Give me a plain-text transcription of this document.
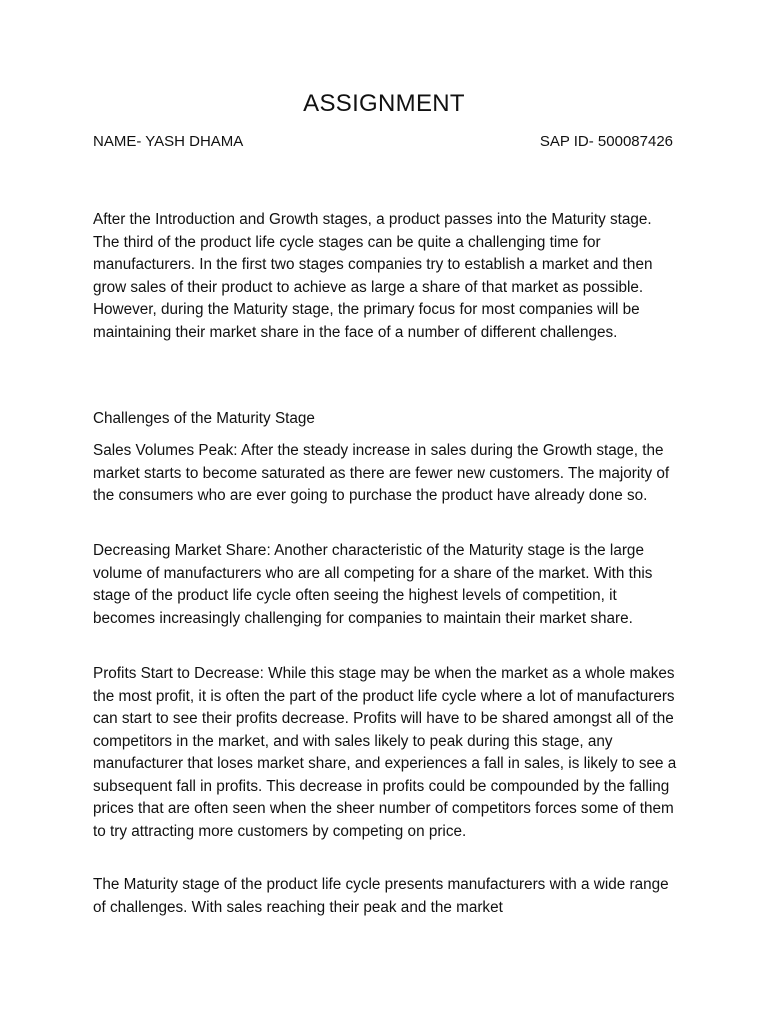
ASSIGNMENT
NAME- YASH DHAMA	SAP ID- 500087426

After the Introduction and Growth stages, a product passes into the Maturity stage. The third of the product life cycle stages can be quite a challenging time for manufacturers. In the first two stages companies try to establish a market and then grow sales of their product to achieve as large a share of that market as possible. However, during the Maturity stage, the primary focus for most companies will be maintaining their market share in the face of a number of different challenges.

Challenges of the Maturity Stage

Sales Volumes Peak: After the steady increase in sales during the Growth stage, the market starts to become saturated as there are fewer new customers. The majority of the consumers who are ever going to purchase the product have already done so.

Decreasing Market Share: Another characteristic of the Maturity stage is the large volume of manufacturers who are all competing for a share of the market. With this stage of the product life cycle often seeing the highest levels of competition, it becomes increasingly challenging for companies to maintain their market share.

Profits Start to Decrease: While this stage may be when the market as a whole makes the most profit, it is often the part of the product life cycle where a lot of manufacturers can start to see their profits decrease. Profits will have to be shared amongst all of the competitors in the market, and with sales likely to peak during this stage, any manufacturer that loses market share, and experiences a fall in sales, is likely to see a subsequent fall in profits. This decrease in profits could be compounded by the falling prices that are often seen when the sheer number of competitors forces some of them to try attracting more customers by competing on price.

The Maturity stage of the product life cycle presents manufacturers with a wide range of challenges. With sales reaching their peak and the market
